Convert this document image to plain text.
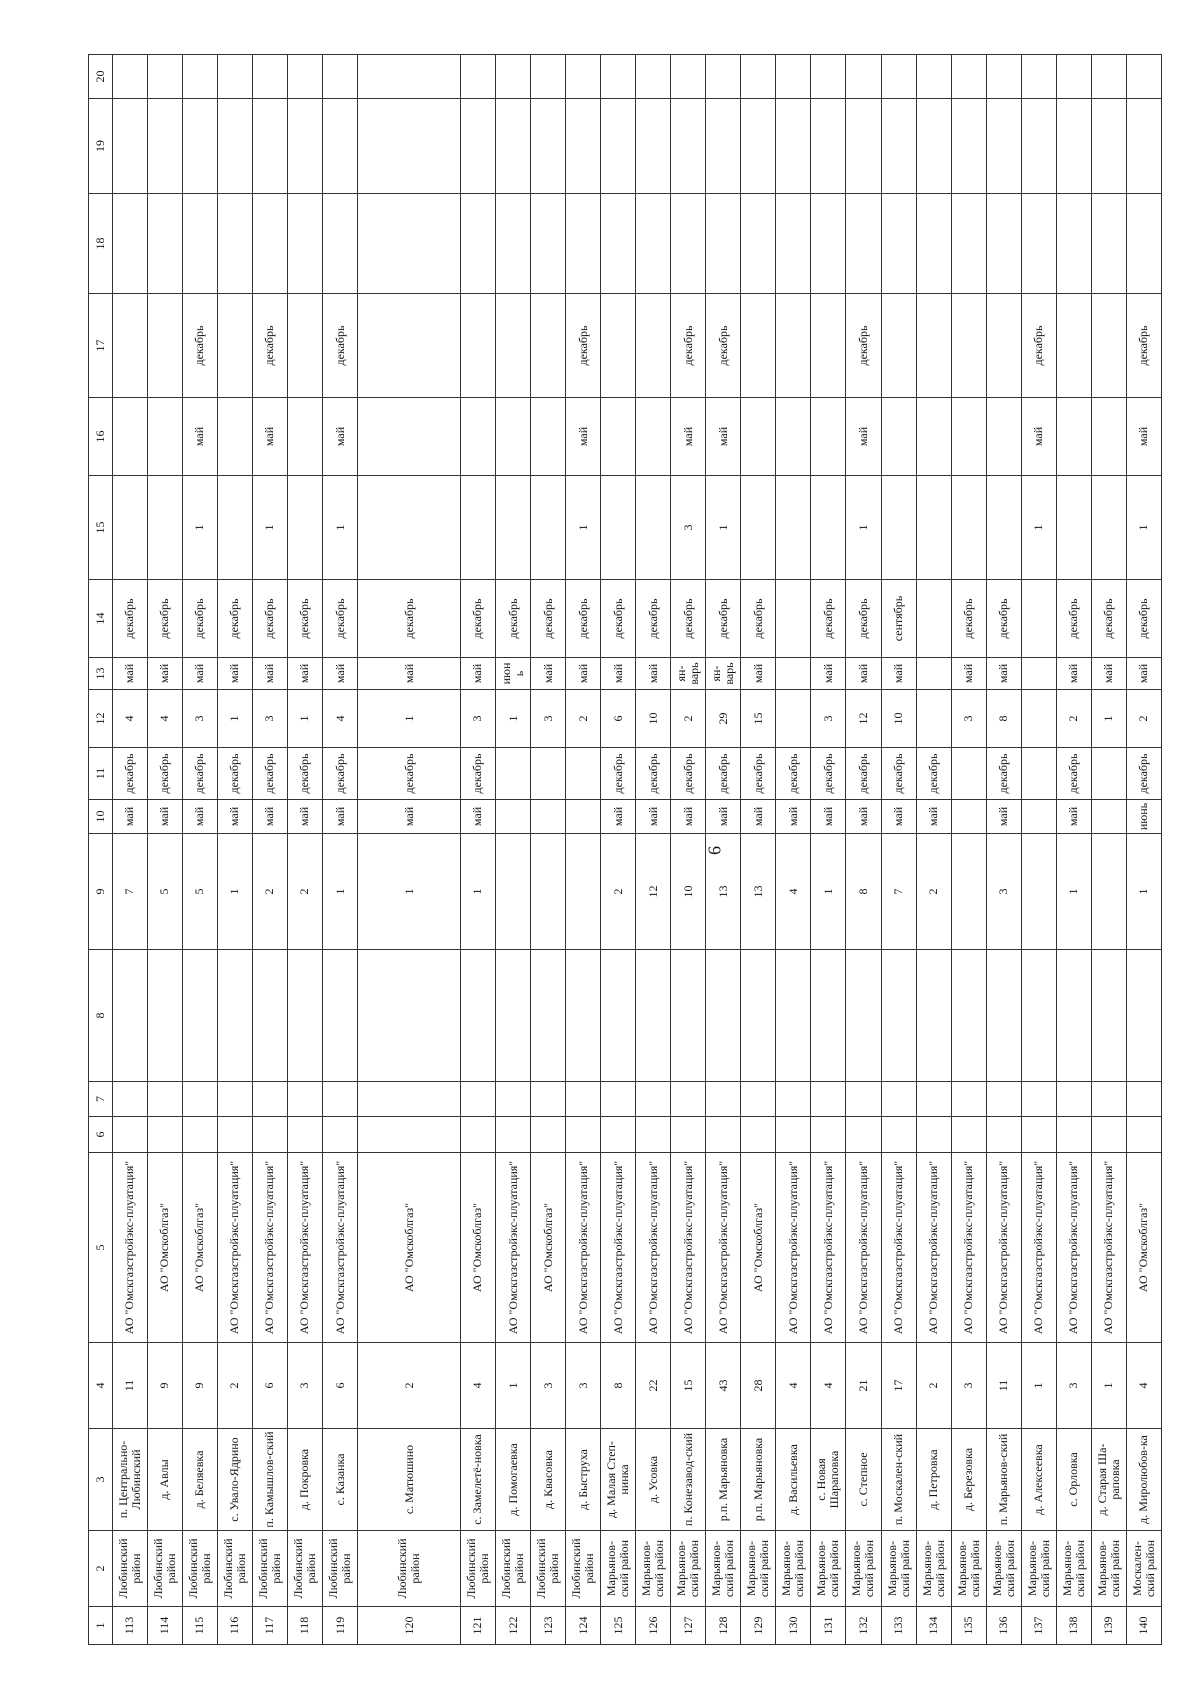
6
1	2	3	4	5	6	7	8	9	10	11	12	13	14	15	16	17	18	19	20
113	Любинский район	п. Центрально-Любинский	11	АО "Омскгазстройэкс-плуатация"				7	май	декабрь	4	май	декабрь						
114	Любинский район	д. Авлы	9	АО "Омскоблгаз"				5	май	декабрь	4	май	декабрь						
115	Любинский район	д. Беляевка	9	АО "Омскоблгаз"				5	май	декабрь	3	май	декабрь	1	май	декабрь			
116	Любинский район	с. Увало-Ядрино	2	АО "Омскгазстройэкс-плуатация"				1	май	декабрь	1	май	декабрь						
117	Любинский район	п. Камышлов-ский	6	АО "Омскгазстройэкс-плуатация"				2	май	декабрь	3	май	декабрь	1	май	декабрь			
118	Любинский район	д. Покровка	3	АО "Омскгазстройэкс-плуатация"				2	май	декабрь	1	май	декабрь						
119	Любинский район	с. Казанка	6	АО "Омскгазстройэкс-плуатация"				1	май	декабрь	4	май	декабрь	1	май	декабрь			
120	Любинский район	с. Матюшино	2	АО "Омскоблгаз"				1	май	декабрь	1	май	декабрь						
121	Любинский район	с. Замелетё-новка	4	АО "Омскоблгаз"				1	май	декабрь	3	май	декабрь						
122	Любинский район	д. Помогаевка	1	АО "Омскгазстройэкс-плуатация"							1	июнь	декабрь						
123	Любинский район	д. Квасовка	3	АО "Омскоблгаз"							3	май	декабрь						
124	Любинский район	д. Быструха	3	АО "Омскгазстройэкс-плуатация"							2	май	декабрь	1	май	декабрь			
125	Марьянов-ский район	д. Малая Степ-нинка	8	АО "Омскгазстройэкс-плуатация"				2	май	декабрь	6	май	декабрь						
126	Марьянов-ский район	д. Усовка	22	АО "Омскгазстройэкс-плуатация"				12	май	декабрь	10	май	декабрь						
127	Марьянов-ский район	п. Конезавод-ский	15	АО "Омскгазстройэкс-плуатация"				10	май	декабрь	2	ян-варь	декабрь	3	май	декабрь			
128	Марьянов-ский район	р.п. Марьяновка	43	АО "Омскгазстройэкс-плуатация"				13	май	декабрь	29	ян-варь	декабрь	1	май	декабрь			
129	Марьянов-ский район	р.п. Марьяновка	28	АО "Омскоблгаз"				13	май	декабрь	15	май	декабрь						
130	Марьянов-ский район	д. Васильевка	4	АО "Омскгазстройэкс-плуатация"				4	май	декабрь									
131	Марьянов-ский район	с. Новая Шараповка	4	АО "Омскгазстройэкс-плуатация"				1	май	декабрь	3	май	декабрь						
132	Марьянов-ский район	с. Степное	21	АО "Омскгазстройэкс-плуатация"				8	май	декабрь	12	май	декабрь	1	май	декабрь			
133	Марьянов-ский район	п. Москален-ский	17	АО "Омскгазстройэкс-плуатация"				7	май	декабрь	10	май	сентябрь						
134	Марьянов-ский район	д. Петровка	2	АО "Омскгазстройэкс-плуатация"				2	май	декабрь									
135	Марьянов-ский район	д. Березовка	3	АО "Омскгазстройэкс-плуатация"							3	май	декабрь						
136	Марьянов-ский район	п. Марьянов-ский	11	АО "Омскгазстройэкс-плуатация"				3	май	декабрь	8	май	декабрь						
137	Марьянов-ский район	д. Алексеевка	1	АО "Омскгазстройэкс-плуатация"										1	май	декабрь			
138	Марьянов-ский район	с. Орловка	3	АО "Омскгазстройэкс-плуатация"				1	май	декабрь	2	май	декабрь						
139	Марьянов-ский район	д. Старая Ша-раповка	1	АО "Омскгазстройэкс-плуатация"							1	май	декабрь						
140	Москален-ский район	д. Миролюбов-ка	4	АО "Омскоблгаз"				1	июнь	декабрь	2	май	декабрь	1	май	декабрь			
